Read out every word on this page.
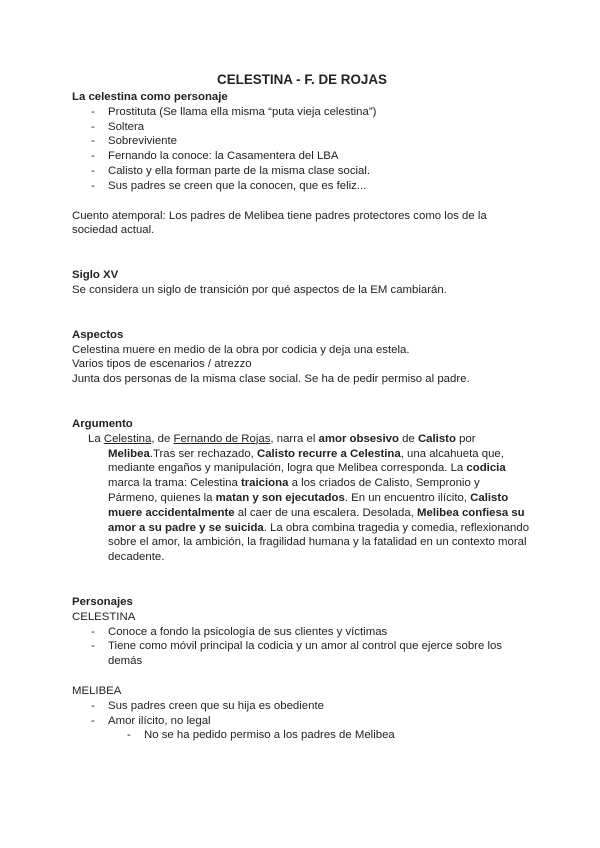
CELESTINA - F. DE ROJAS
La celestina como personaje
- Prostituta (Se llama ella misma “puta vieja celestina”)
- Soltera
- Sobreviviente
- Fernando la conoce: la Casamentera del LBA
- Calisto y ella forman parte de la misma clase social.
- Sus padres se creen que la conocen, que es feliz...
Cuento atemporal: Los padres de Melibea tiene padres protectores como los de la sociedad actual.
Siglo XV
Se considera un siglo de transición por qué aspectos de la EM cambiarán.
Aspectos
Celestina muere en medio de la obra por codicia y deja una estela.
Varios tipos de escenarios / atrezzo
Junta dos personas de la misma clase social. Se ha de pedir permiso al padre.
Argumento
La Celestina, de Fernando de Rojas, narra el amor obsesivo de Calisto por
Melibea.Tras ser rechazado, Calisto recurre a Celestina, una alcahueta que, mediante engaños y manipulación, logra que Melibea corresponda. La codicia marca la trama: Celestina traiciona a los criados de Calisto, Sempronio y Pármeno, quienes la matan y son ejecutados. En un encuentro ilícito, Calisto muere accidentalmente al caer de una escalera. Desolada, Melibea confiesa su amor a su padre y se suicida. La obra combina tragedia y comedia, reflexionando sobre el amor, la ambición, la fragilidad humana y la fatalidad en un contexto moral decadente.
Personajes
CELESTINA
- Conoce a fondo la psicología de sus clientes y víctimas
- Tiene como móvil principal la codicia y un amor al control que ejerce sobre los demás
MELIBEA
- Sus padres creen que su hija es obediente
- Amor ilícito, no legal
- No se ha pedido permiso a los padres de Melibea
